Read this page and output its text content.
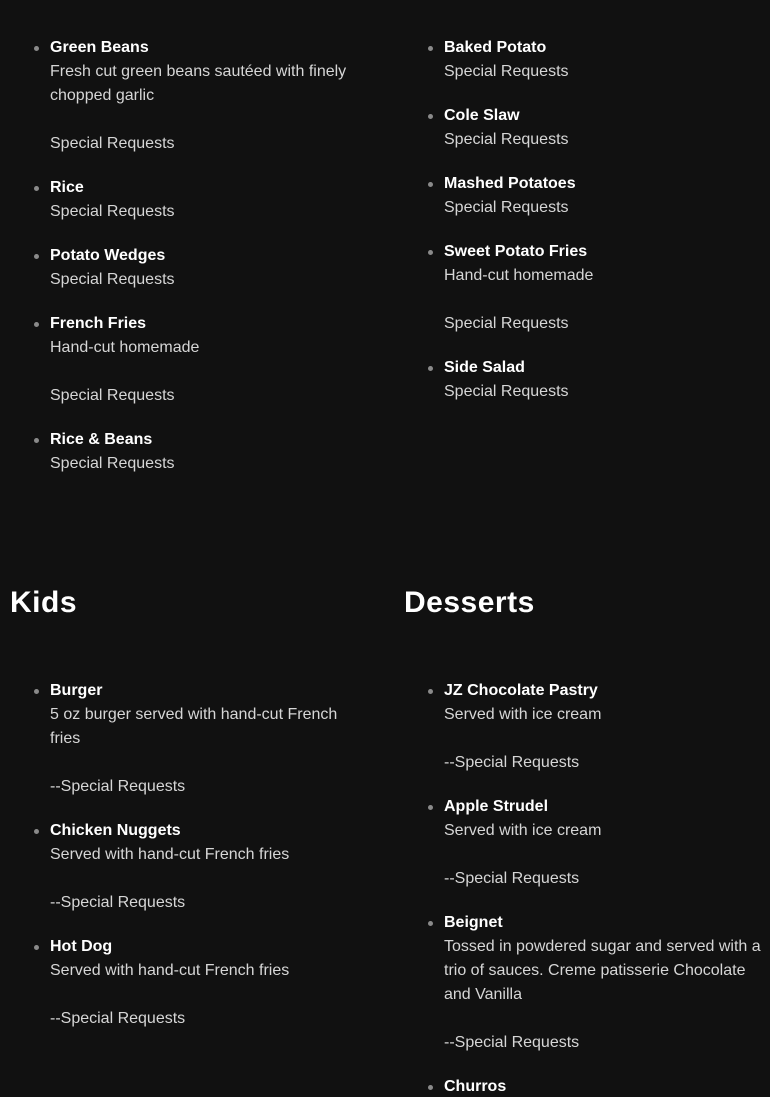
Green Beans
Fresh cut green beans sautéed with finely chopped garlic
Special Requests
Rice
Special Requests
Potato Wedges
Special Requests
French Fries
Hand-cut homemade
Special Requests
Rice & Beans
Special Requests
Baked Potato
Special Requests
Cole Slaw
Special Requests
Mashed Potatoes
Special Requests
Sweet Potato Fries
Hand-cut homemade
Special Requests
Side Salad
Special Requests
Kids	Desserts
Burger
5 oz burger served with hand-cut French fries
--Special Requests
Chicken Nuggets
Served with hand-cut French fries
--Special Requests
Hot Dog
Served with hand-cut French fries
--Special Requests
JZ Chocolate Pastry
Served with ice cream
--Special Requests
Apple Strudel
Served with ice cream
--Special Requests
Beignet
Tossed in powdered sugar and served with a trio of sauces. Creme patisserie Chocolate and Vanilla
--Special Requests
Churros
